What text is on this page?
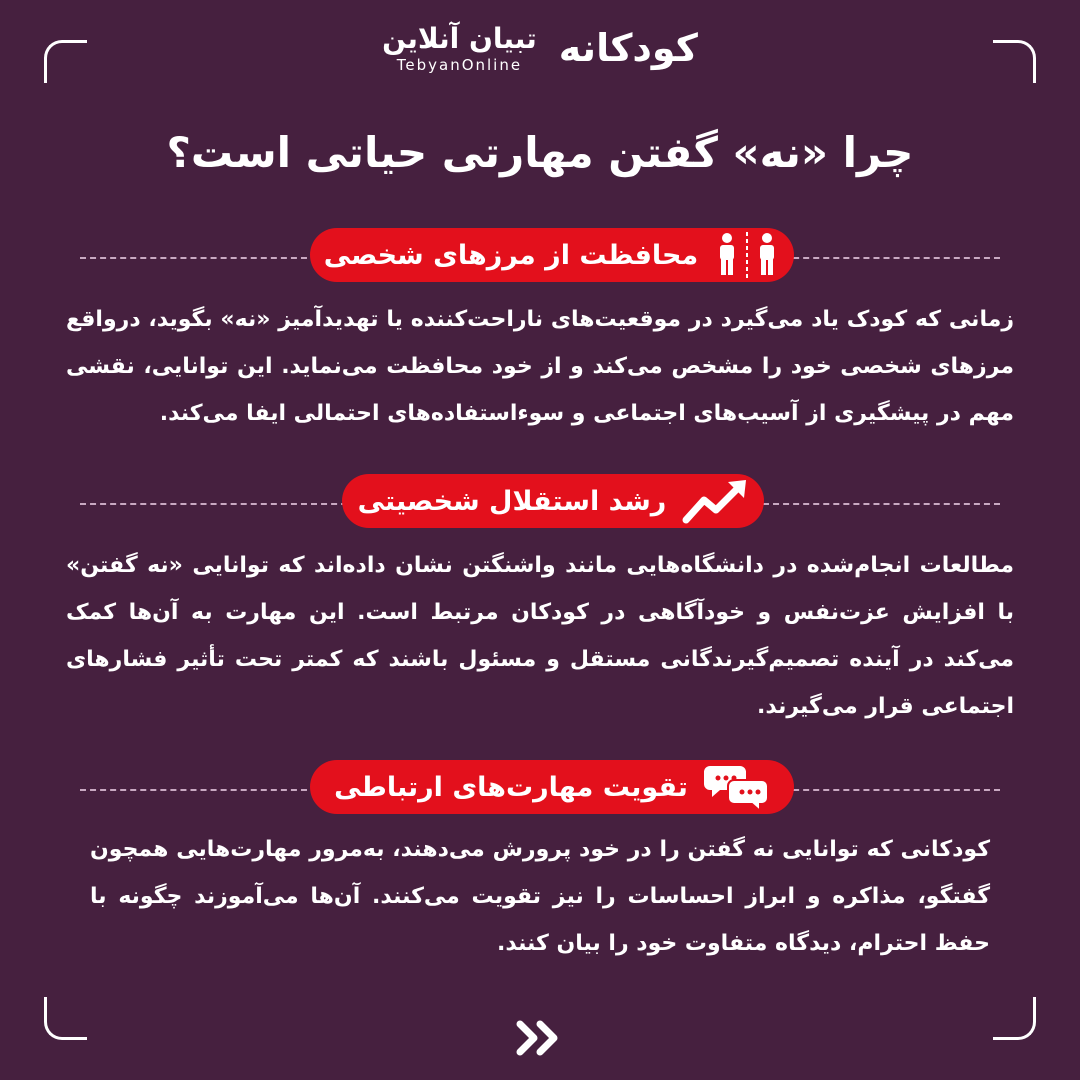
تبیان آنلاین
TebyanOnline کودکانه
چرا «نه» گفتن مهارتی حیاتی است؟
محافظت از مرزهای شخصی

زمانی که کودک یاد می‌گیرد در موقعیت‌های ناراحت‌کننده یا تهدیدآمیز «نه» بگوید، درواقع مرزهای شخصی خود را مشخص می‌کند و از خود محافظت می‌نماید. این توانایی، نقشی مهم در پیشگیری از آسیب‌های اجتماعی و سوءاستفاده‌های احتمالی ایفا می‌کند.

رشد استقلال شخصیتی

مطالعات انجام‌شده در دانشگاه‌هایی مانند واشنگتن نشان داده‌اند که توانایی «نه گفتن» با افزایش عزت‌نفس و خودآگاهی در کودکان مرتبط است. این مهارت به آن‌ها کمک می‌کند در آینده تصمیم‌گیرندگانی مستقل و مسئول باشند که کمتر تحت تأثیر فشارهای اجتماعی قرار می‌گیرند.

تقویت مهارت‌های ارتباطی

کودکانی که توانایی نه گفتن را در خود پرورش می‌دهند، به‌مرور مهارت‌هایی همچون گفتگو، مذاکره و ابراز احساسات را نیز تقویت می‌کنند. آن‌ها می‌آموزند چگونه با حفظ احترام، دیدگاه متفاوت خود را بیان کنند.
